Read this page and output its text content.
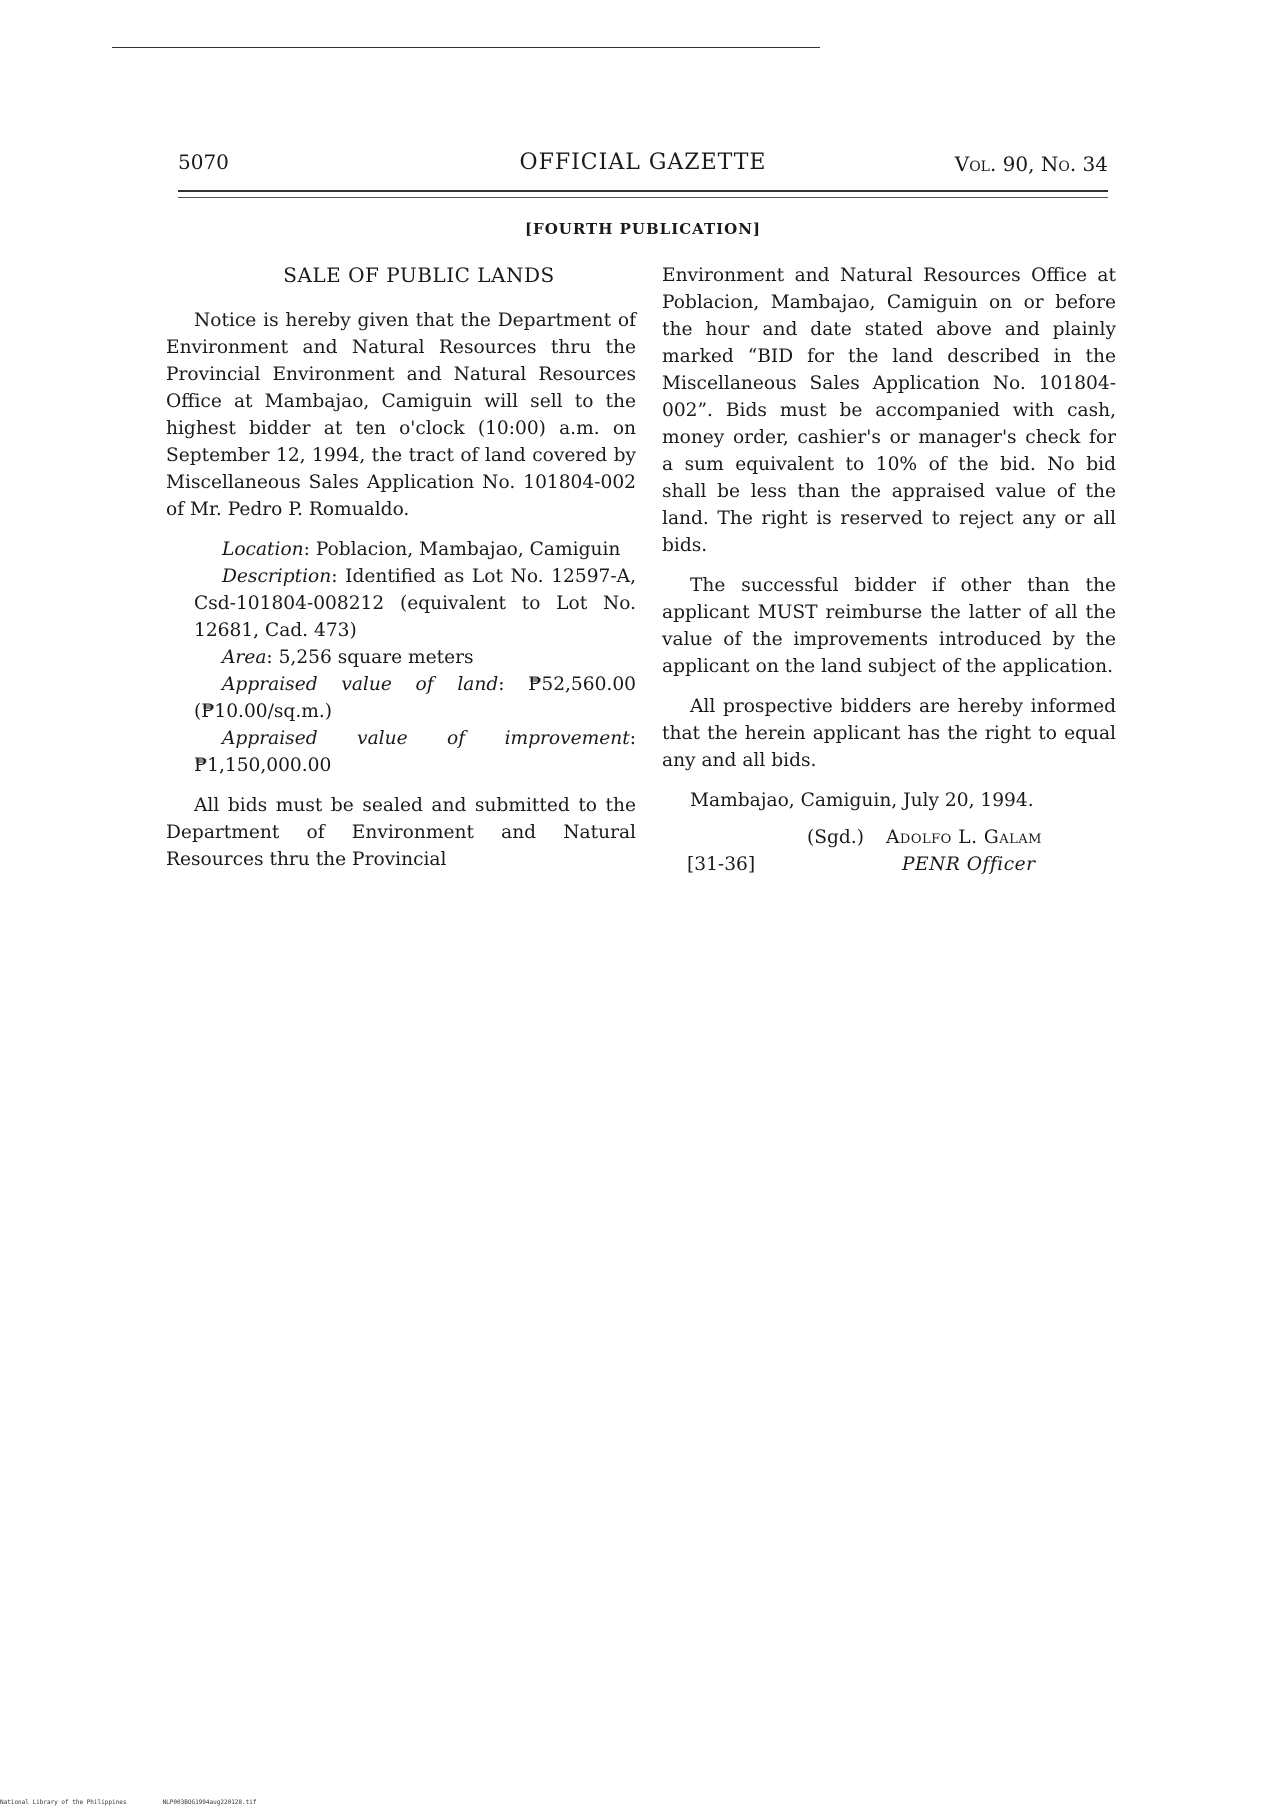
5070	OFFICIAL GAZETTE	Vol. 90, No. 34
[FOURTH PUBLICATION]
SALE OF PUBLIC LANDS

Notice is hereby given that the Department of Environment and Natural Resources thru the Provincial Environment and Natural Resources Office at Mambajao, Camiguin will sell to the highest bidder at ten o'clock (10:00) a.m. on September 12, 1994, the tract of land covered by Miscellaneous Sales Application No. 101804-002 of Mr. Pedro P. Romualdo.

Location: Poblacion, Mambajao, Camiguin

Description: Identified as Lot No. 12597-A, Csd-101804-008212 (equivalent to Lot No. 12681, Cad. 473)

Area: 5,256 square meters

Appraised value of land: ₱52,560.00 (₱10.00/sq.m.)

Appraised value of improvement: ₱1,150,000.00

All bids must be sealed and submitted to the Department of Environment and Natural Resources thru the Provincial

Environment and Natural Resources Office at Poblacion, Mambajao, Camiguin on or before the hour and date stated above and plainly marked “BID for the land described in the Miscellaneous Sales Application No. 101804-002”. Bids must be accompanied with cash, money order, cashier's or manager's check for a sum equivalent to 10% of the bid. No bid shall be less than the appraised value of the land. The right is reserved to reject any or all bids.

The successful bidder if other than the applicant MUST reimburse the latter of all the value of the improvements introduced by the applicant on the land subject of the application.

All prospective bidders are hereby informed that the herein applicant has the right to equal any and all bids.

Mambajao, Camiguin, July 20, 1994.

(Sgd.) Adolfo L. Galam
[31-36]	PENR Officer
National Library of the Philippines	NLP003BOG1994aug220128.tif
